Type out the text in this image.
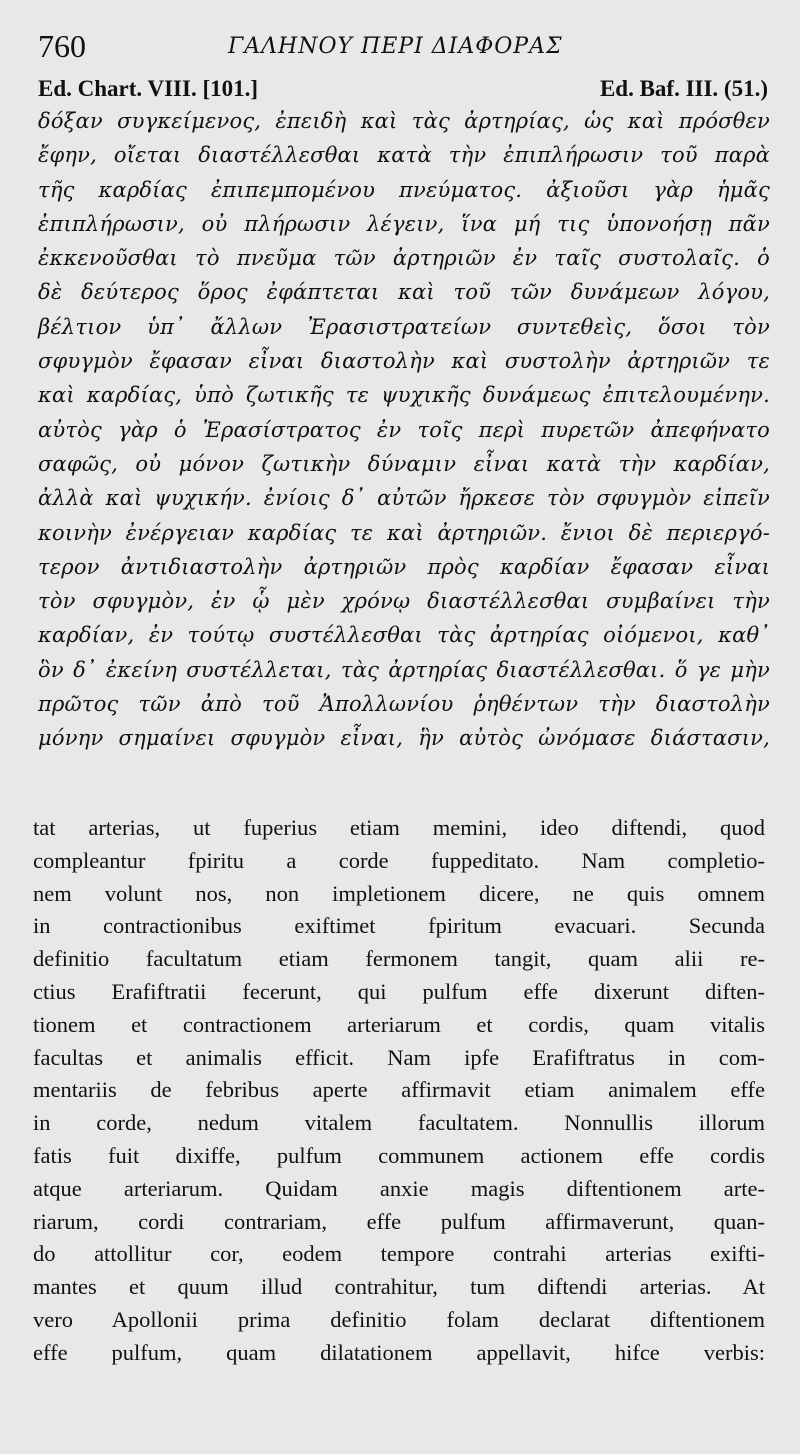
760	ΓΑΛΗΝΟΥ ΠΕΡΙ ΔΙΑΦΟΡΑΣ
Ed. Chart. VIII. [101.]	Ed. Baf. III. (51.)
δόξαν συγκείμενος, ἐπειδὴ καὶ τὰς ἀρτηρίας, ὡς καὶ πρόσθεν
ἔφην, οἴεται διαστέλλεσθαι κατὰ τὴν ἐπιπλήρωσιν τοῦ παρὰ
τῆς καρδίας ἐπιπεμπομένου πνεύματος. ἀξιοῦσι γὰρ ἡμᾶς
ἐπιπλήρωσιν, οὐ πλήρωσιν λέγειν, ἵνα μή τις ὑπονοήσῃ πᾶν
ἐκκενοῦσθαι τὸ πνεῦμα τῶν ἀρτηριῶν ἐν ταῖς συστολαῖς. ὁ
δὲ δεύτερος ὅρος ἐφάπτεται καὶ τοῦ τῶν δυνάμεων λόγου,
βέλτιον ὑπ᾽ ἄλλων Ἐρασιστρατείων συντεθεὶς, ὅσοι τὸν
σφυγμὸν ἔφασαν εἶναι διαστολὴν καὶ συστολὴν ἀρτηριῶν τε
καὶ καρδίας, ὑπὸ ζωτικῆς τε ψυχικῆς δυνάμεως ἐπιτελουμένην.
αὐτὸς γὰρ ὁ Ἐρασίστρατος ἐν τοῖς περὶ πυρετῶν ἀπεφήνατο
σαφῶς, οὐ μόνον ζωτικὴν δύναμιν εἶναι κατὰ τὴν καρδίαν,
ἀλλὰ καὶ ψυχικήν. ἐνίοις δ᾽ αὐτῶν ἤρκεσε τὸν σφυγμὸν εἰπεῖν
κοινὴν ἐνέργειαν καρδίας τε καὶ ἀρτηριῶν. ἔνιοι δὲ περιεργό-
τερον ἀντιδιαστολὴν ἀρτηριῶν πρὸς καρδίαν ἔφασαν εἶναι
τὸν σφυγμὸν, ἐν ᾧ μὲν χρόνῳ διαστέλλεσθαι συμβαίνει τὴν
καρδίαν, ἐν τούτῳ συστέλλεσθαι τὰς ἀρτηρίας οἰόμενοι, καθ᾽
ὃν δ᾽ ἐκείνη συστέλλεται, τὰς ἀρτηρίας διαστέλλεσθαι. ὅ γε μὴν
πρῶτος τῶν ἀπὸ τοῦ Ἀπολλωνίου ῥηθέντων τὴν διαστολὴν
μόνην σημαίνει σφυγμὸν εἶναι, ἣν αὐτὸς ὠνόμασε διάστασιν,
tat arterias, ut fuperius etiam memini, ideo diftendi, quod
compleantur fpiritu a corde fuppeditato. Nam completio-
nem volunt nos, non impletionem dicere, ne quis omnem
in contractionibus exiftimet fpiritum evacuari. Secunda
definitio facultatum etiam fermonem tangit, quam alii re-
ctius Erafiftratii fecerunt, qui pulfum effe dixerunt diften-
tionem et contractionem arteriarum et cordis, quam vitalis
facultas et animalis efficit. Nam ipfe Erafiftratus in com-
mentariis de febribus aperte affirmavit etiam animalem effe
in corde, nedum vitalem facultatem. Nonnullis illorum
fatis fuit dixiffe, pulfum communem actionem effe cordis
atque arteriarum. Quidam anxie magis diftentionem arte-
riarum, cordi contrariam, effe pulfum affirmaverunt, quan-
do attollitur cor, eodem tempore contrahi arterias exifti-
mantes et quum illud contrahitur, tum diftendi arterias. At
vero Apollonii prima definitio folam declarat diftentionem
effe pulfum, quam dilatationem appellavit, hifce verbis:
